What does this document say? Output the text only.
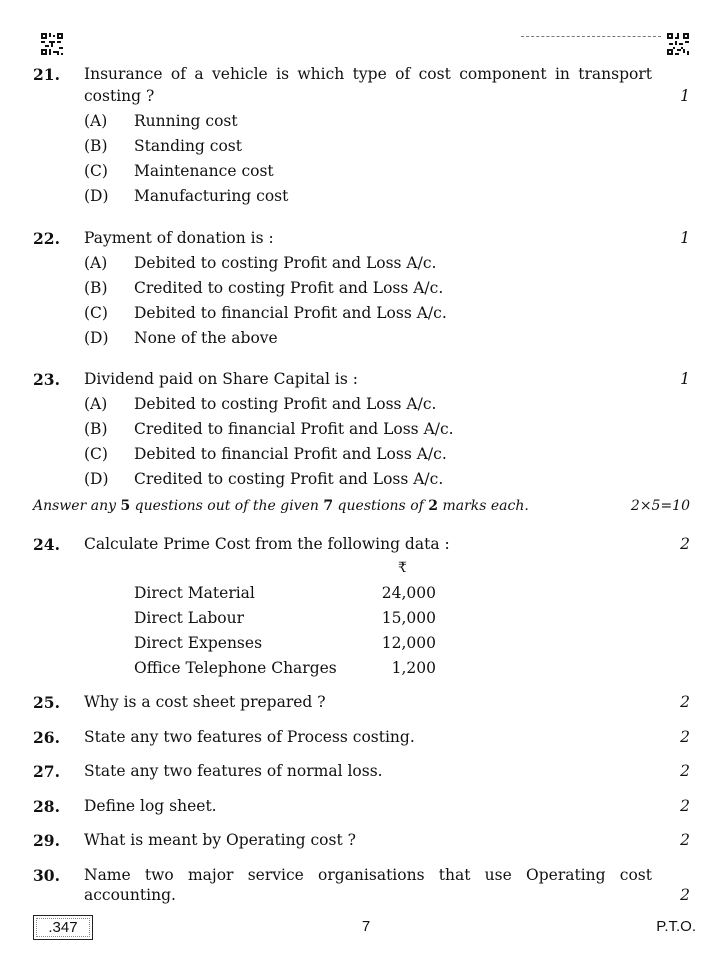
21. Insurance of a vehicle is which type of cost component in transport
costing ?	1
(A) Running cost
(B) Standing cost
(C) Maintenance cost
(D) Manufacturing cost
22. Payment of donation is :	1
(A) Debited to costing Profit and Loss A/c.
(B) Credited to costing Profit and Loss A/c.
(C) Debited to financial Profit and Loss A/c.
(D) None of the above
23. Dividend paid on Share Capital is :	1
(A) Debited to costing Profit and Loss A/c.
(B) Credited to financial Profit and Loss A/c.
(C) Debited to financial Profit and Loss A/c.
(D) Credited to costing Profit and Loss A/c.
Answer any 5 questions out of the given 7 questions of 2 marks each.	2×5=10
24. Calculate Prime Cost from the following data :	2
₹
Direct Material	24,000
Direct Labour	15,000
Direct Expenses	12,000
Office Telephone Charges	1,200
25. Why is a cost sheet prepared ?	2
26. State any two features of Process costing.	2
27. State any two features of normal loss.	2
28. Define log sheet.	2
29. What is meant by Operating cost ?	2
30. Name two major service organisations that use Operating cost
accounting.	2
.347	7	P.T.O.
